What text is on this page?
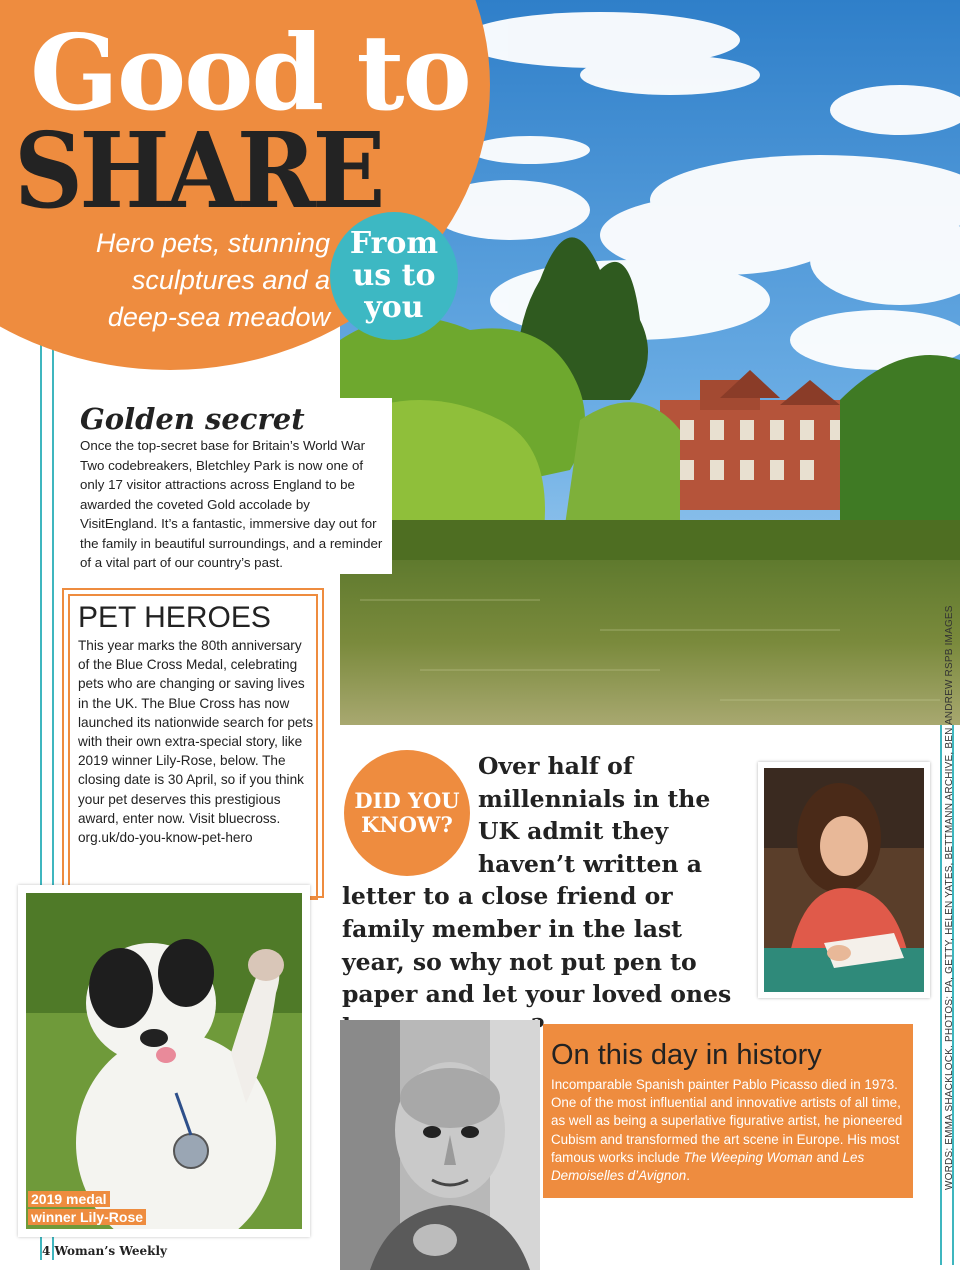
Good to
SHARE
Hero pets, stunning sculptures and a deep-sea meadow
From us to you
Golden secret

Once the top-secret base for Britain’s World War Two codebreakers, Bletchley Park is now one of only 17 visitor attractions across England to be awarded the coveted Gold accolade by VisitEngland. It’s a fantastic, immersive day out for the family in beautiful surroundings, and a reminder of a vital part of our country’s past.

PET HEROES

This year marks the 80th anniversary of the Blue Cross Medal, celebrating pets who are changing or saving lives in the UK. The Blue Cross has now launched its nationwide search for pets with their own extra-special story, like 2019 winner Lily-Rose, below. The closing date is 30 April, so if you think your pet deserves this prestigious award, enter now. Visit bluecross. org.uk/do-you-know-pet-hero

2019 medal
winner Lily-Rose
Over half of millennials in the UK admit they haven’t written a
letter to a close friend or family member in the last year, so why not put pen to paper and let your loved ones
DID YOU KNOW?
On this day in history

Incomparable Spanish painter Pablo Picasso died in 1973. One of the most influential and innovative artists of all time, as well as being a superlative figurative artist, he pioneered Cubism and transformed the art scene in Europe. His most famous works include The Weeping Woman and Les Demoiselles d’Avignon.	WORDS: EMMA SHACKLOCK. PHOTOS: PA, GETTY, HELEN YATES, BETTMANN ARCHIVE, BEN ANDREW RSPB IMAGES
4 Woman’s Weekly
